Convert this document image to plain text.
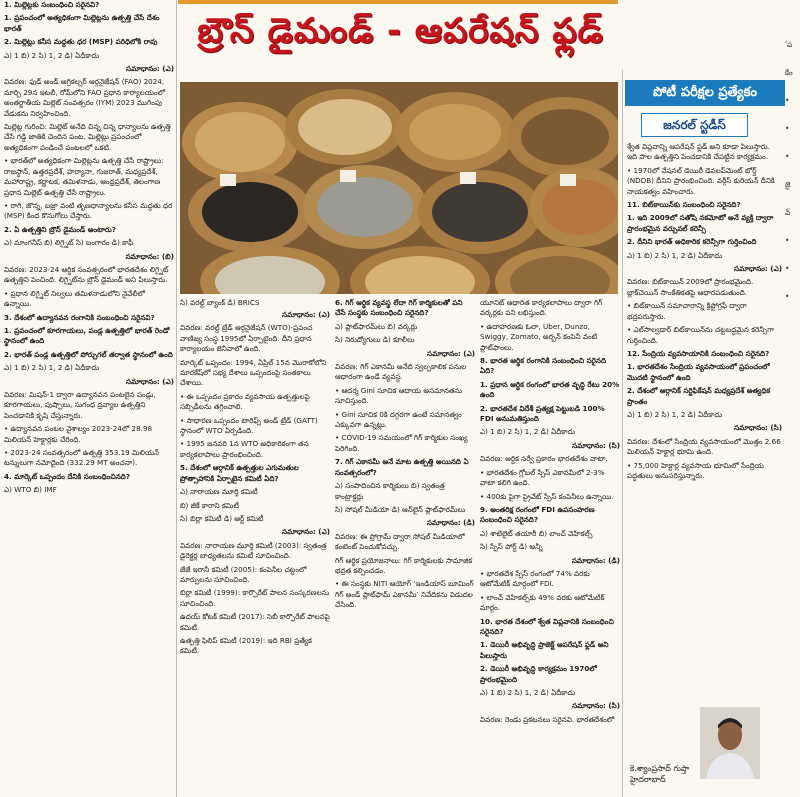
బ్రౌన్ డైమండ్ - ఆపరేషన్ ఫ్లడ్

1. మిల్లెట్లకు సంబంధించి సరైనవి?

1. ప్రపంచంలో అత్యధికంగా మిల్లెట్లను ఉత్పత్తి చేసే దేశం భారత్

2. మిల్లెట్లు కనీస మద్దతు ధర (MSP) పరిధిలోకి రావు

ఎ) 1 బి) 2 సి) 1, 2 డి) ఏదీకాదు

సమాధానం: (ఎ)

వివరణ: ఫుడ్ అండ్ అగ్రికల్చర్ ఆర్గనైజేషన్ (FAO) 2024, మార్చి 29న ఇటలీ, రోమ్‌లోని FAO ప్రధాన కార్యాలయంలో అంతర్జాతీయ మిల్లెట్ సంవత్సరం (IYM) 2023 ముగింపు వేడుకను నిర్వహించింది.

మిల్లెట్ల గురించి: మిల్లెట్ అనేది చిన్న చిన్న ధాన్యాలను ఉత్పత్తి చేసే గడ్డి జాతికి చెందిన పంట. మిల్లెట్లు ప్రపంచంలో అత్యధికంగా పండించే పంటలలో ఒకటి.

• భారత్‌లో అత్యధికంగా మిల్లెట్లను ఉత్పత్తి చేసే రాష్ట్రాలు: రాజస్థాన్, ఉత్తరప్రదేశ్, హర్యానా, గుజరాత్, మధ్యప్రదేశ్, మహారాష్ట్ర, కర్ణాటక, తమిళనాడు, ఆంధ్రప్రదేశ్, తెలంగాణ ప్రధాన మిల్లెట్ ఉత్పత్తి చేసే రాష్ట్రాలు.

• రాగి, జొన్న, బజ్రా వంటి తృణధాన్యాలను కనీస మద్దతు ధర (MSP) కింద కొనుగోలు చేస్తారు.

2. ఏ ఉత్పత్తిని బ్రౌన్ డైమండ్ అంటారు?

ఎ) మాంగనీస్ బి) లిగ్నైట్ సి) బంగారం డి) కాఫీ

సమాధానం: (బి)

వివరణ: 2023-24 ఆర్థిక సంవత్సరంలో భారతదేశం లిగ్నైట్ ఉత్పత్తిని పెంచింది. లిగ్నైట్‌ను బ్రౌన్ డైమండ్ అని పిలుస్తారు.

• ప్రధాన లిగ్నైట్ నిల్వలు తమిళనాడులోని నైవేలీలో ఉన్నాయి.

3. దేశంలో ఉద్యానవన రంగానికి సంబంధించి సరైనవి?

1. ప్రపంచంలో కూరగాయలు, పండ్ల ఉత్పత్తిలో భారత్ రెండో స్థానంలో ఉంది

2. భారత్ పండ్ల ఉత్పత్తిలో పోర్చుగల్ తర్వాత స్థానంలో ఉంది

ఎ) 1 బి) 2 సి) 1, 2 డి) ఏదీకాదు

సమాధానం: (ఎ)

వివరణ: మిషన్-1 ద్వారా ఉద్యానవన పంటలైన పండ్లు, కూరగాయలు, పుష్పాలు, సుగంధ ద్రవ్యాల ఉత్పత్తిని పెంచడానికి కృషి చేస్తున్నారు.

• ఉద్యానవన పంటల వైశాల్యం 2023-24లో 28.98 మిలియన్ హెక్టార్లకు చేరింది.

• 2023-24 సంవత్సరంలో ఉత్పత్తి 353.19 మిలియన్ టన్నులుగా నమోదైంది (332.29 MT అంచనా).

4. మార్కెట్ ఒప్పందం దేనికి సంబంధించినది?

ఎ) WTO బి) IMF

సి) వరల్డ్ బ్యాంక్ డి) BRICS

సమాధానం: (ఎ)

వివరణ: వరల్డ్ ట్రేడ్ ఆర్గనైజేషన్ (WTO)-ప్రపంచ వాణిజ్య సంస్థ 1995లో ఏర్పాటైంది. దీని ప్రధాన కార్యాలయం జెనీవాలో ఉంది.

మార్కెట్ ఒప్పందం: 1994, ఏప్రిల్ 15న మొరాకోలోని మారకేష్‌లో సభ్య దేశాలు ఒప్పందంపై సంతకాలు చేశాయి.

• ఈ ఒప్పందం ప్రకారం వ్యవసాయ ఉత్పత్తులపై సబ్సిడీలను తగ్గించాలి.

• సాధారణ ఒప్పందం టారిఫ్స్ అండ్ ట్రేడ్ (GATT) స్థానంలో WTO ఏర్పడింది.

• 1995 జనవరి 1న WTO అధికారికంగా తన కార్యకలాపాలు ప్రారంభించింది.

5. దేశంలో ఆర్గానిక్ ఉత్పత్తుల ఎగుమతుల ప్రోత్సాహానికి ఏర్పాటైన కమిటీ ఏది?

ఎ) నారాయణ మూర్తి కమిటీ

బి) జీకే కారాని కమిటీ

సి) బిర్లా కమిటీ డి) ఆర్ట్ కమిటీ

సమాధానం: (ఎ)

వివరణ: నారాయణ మూర్తి కమిటీ (2003): స్వతంత్ర డైరెక్టర్ల బాధ్యతలను కమిటీ సూచించింది.

జేజే ఇరానీ కమిటీ (2005): కంపెనీల చట్టంలో మార్పులను సూచించింది.

బిర్లా కమిటీ (1999): కార్పొరేట్ పాలన సంస్కరణలను సూచించింది.

ఉదయ్ కోటక్ కమిటీ (2017): సెబీ కార్పొరేట్ పాలనపై కమిటీ.

ఉత్పత్తి ఫిలిప్ కమిటీ (2019): ఇది RBI ప్రత్యేక కమిటీ.

6. గిగ్ ఆర్థిక వ్యవస్థ లేదా గిగ్ కార్మికులతో పని చేసే సంస్థకు సంబంధించి సరైనది?

ఎ) ప్లాట్‌ఫారమ్‌లు బి) వర్కర్లు

సి) నిరుద్యోగులు డి) కూలీలు

సమాధానం: (ఎ)

వివరణ: గిగ్ ఎకానమీ అనేది స్వల్పకాలిక పనుల ఆధారంగా ఉండే వ్యవస్థ.

• ఆదర్శ Gini సూచిక ఆదాయ అసమానతను సూచిస్తుంది.

• Gini సూచిక 0కి దగ్గరగా ఉంటే సమానత్వం ఎక్కువగా ఉన్నట్లు.

• COVID-19 సమయంలో గిగ్ కార్మికుల సంఖ్య పెరిగింది.

7. గిగ్ ఎకానమీ అనే మాట ఉత్పత్తి అయినది ఏ సంవత్సరంలో?

ఎ) సంపాదించిన కార్మికులు బి) స్వతంత్ర కాంట్రాక్టర్లు

సి) సోషల్ మీడియా డి) ఆన్‌లైన్ ప్లాట్‌ఫారమ్‌లు

సమాధానం: (డి)

వివరణ: ఈ ప్రోగ్రామ్ ద్వారా సోషల్ మీడియాలో కంటెంట్ పెంచుకోవచ్చు.

గిగ్ ఆర్థిక ప్రయోజనాలు: గిగ్ కార్మికులకు సామాజిక భద్రత కల్పించడం.

• ఈ సంస్థకు NITI ఆయోగ్ ‘ఇండియాస్ బూమింగ్ గిగ్ అండ్ ప్లాట్‌ఫామ్ ఎకానమీ’ నివేదికను విడుదల చేసింది.

యూనిట్ ఆధారిత కార్యకలాపాలు ద్వారా గిగ్ వర్కర్లకు పని లభిస్తుంది.

• ఉదాహరణకు ఓలా, Uber, Dunzo, Swiggy, Zomato, అర్బన్ కంపెనీ వంటి ప్లాట్‌ఫాంలు.

8. భారత ఆర్థిక రంగానికి సంబంధించి సరైనది ఏది?

1. ప్రధాన ఆర్థిక రంగంలో భారత వృద్ధి రేటు 20% ఉంది

2. భారతదేశ విదేశీ ప్రత్యక్ష పెట్టుబడి 100% FDI అనుమతిస్తుంది

ఎ) 1 బి) 2 సి) 1, 2 డి) ఏదీకాదు

సమాధానం: (సి)

వివరణ: ఆర్థిక సర్వే ప్రకారం భారతదేశం వాటా.

• భారతదేశం గ్లోబల్ స్పేస్ ఎకానమీలో 2-3% వాటా కలిగి ఉంది.

• 400కు పైగా ప్రైవేట్ స్పేస్ కంపెనీలు ఉన్నాయి.

9. అంతరిక్ష రంగంలో FDI ఉపసంహరణ సంబంధించి సరైనది?

ఎ) శాటిలైట్ తయారీ బి) లాంచ్ వెహికల్స్

సి) స్పేస్ పోర్ట్ డి) అన్నీ

సమాధానం: (డి)

• భారతదేశ స్పేస్ రంగంలో 74% వరకు ఆటోమేటిక్ మార్గంలో FDI.

• లాంచ్ వెహికల్స్‌కు 49% వరకు ఆటోమేటిక్ మార్గం.

10. భారత దేశంలో శ్వేత విప్లవానికి సంబంధించి సరైనది?

1. డెయిరీ అభివృద్ధి ప్రాజెక్ట్ ఆపరేషన్ ఫ్లడ్ అని పిలుస్తారు

2. డెయిరీ అభివృద్ధి కార్యక్రమం 1970లో ప్రారంభమైంది

ఎ) 1 బి) 2 సి) 1, 2 డి) ఏదీకాదు

సమాధానం: (సి)

వివరణ: రెండు ప్రకటనలు సరైనవి. భారతదేశంలో

పోటీ పరీక్షల ప్రత్యేకం
జనరల్ స్టడీస్

శ్వేత విప్లవాన్ని ఆపరేషన్ ఫ్లడ్ అని కూడా పిలుస్తారు. ఇది పాల ఉత్పత్తిని పెంచడానికి చేపట్టిన కార్యక్రమం.

• 1970లో నేషనల్ డెయిరీ డెవలప్‌మెంట్ బోర్డ్ (NDDB) దీనిని ప్రారంభించింది. వర్గీస్ కురియన్ దీనికి నాయకత్వం వహించారు.

11. బిట్‌కాయిన్‌కు సంబంధించి సరైనది?

1. ఇది 2009లో సతోషి నకమోటో అనే వ్యక్తి ద్వారా ప్రారంభమైన వర్చువల్ కరెన్సీ

2. దీనిని భారత్ అధికారిక కరెన్సీగా గుర్తించింది

ఎ) 1 బి) 2 సి) 1, 2 డి) ఏదీకాదు

సమాధానం: (ఎ)

వివరణ: బిట్‌కాయిన్ 2009లో ప్రారంభమైంది. బ్లాక్‌చెయిన్ సాంకేతికతపై ఆధారపడుతుంది.

• బిట్‌కాయిన్ సమాచారాన్ని క్రిప్టోగ్రఫీ ద్వారా భద్రపరుస్తారు.

• ఎల్‌సాల్వడార్ బిట్‌కాయిన్‌ను చట్టబద్ధమైన కరెన్సీగా గుర్తించింది.

12. సేంద్రియ వ్యవసాయానికి సంబంధించి సరైనది?

1. భారతదేశం సేంద్రియ వ్యవసాయంలో ప్రపంచంలో మొదటి స్థానంలో ఉంది

2. దేశంలో ఆర్గానిక్ సర్టిఫికేషన్ మధ్యప్రదేశ్ అత్యధిక ప్రాంతం

ఎ) 1 బి) 2 సి) 1, 2 డి) ఏదీకాదు

సమాధానం: (సి)

వివరణ: దేశంలో సేంద్రియ వ్యవసాయంలో మొత్తం 2.66 మిలియన్ హెక్టార్ల భూమి ఉంది.

• 75,000 హెక్టార్ల వ్యవసాయ భూమిలో సేంద్రియ పద్ధతులు అనుసరిస్తున్నారు.

కె.శ్యాంప్రసాద్ గుప్తా
హైదరాబాద్
'ప
కేం
•
•
•
జై
వ్
•
•
•
